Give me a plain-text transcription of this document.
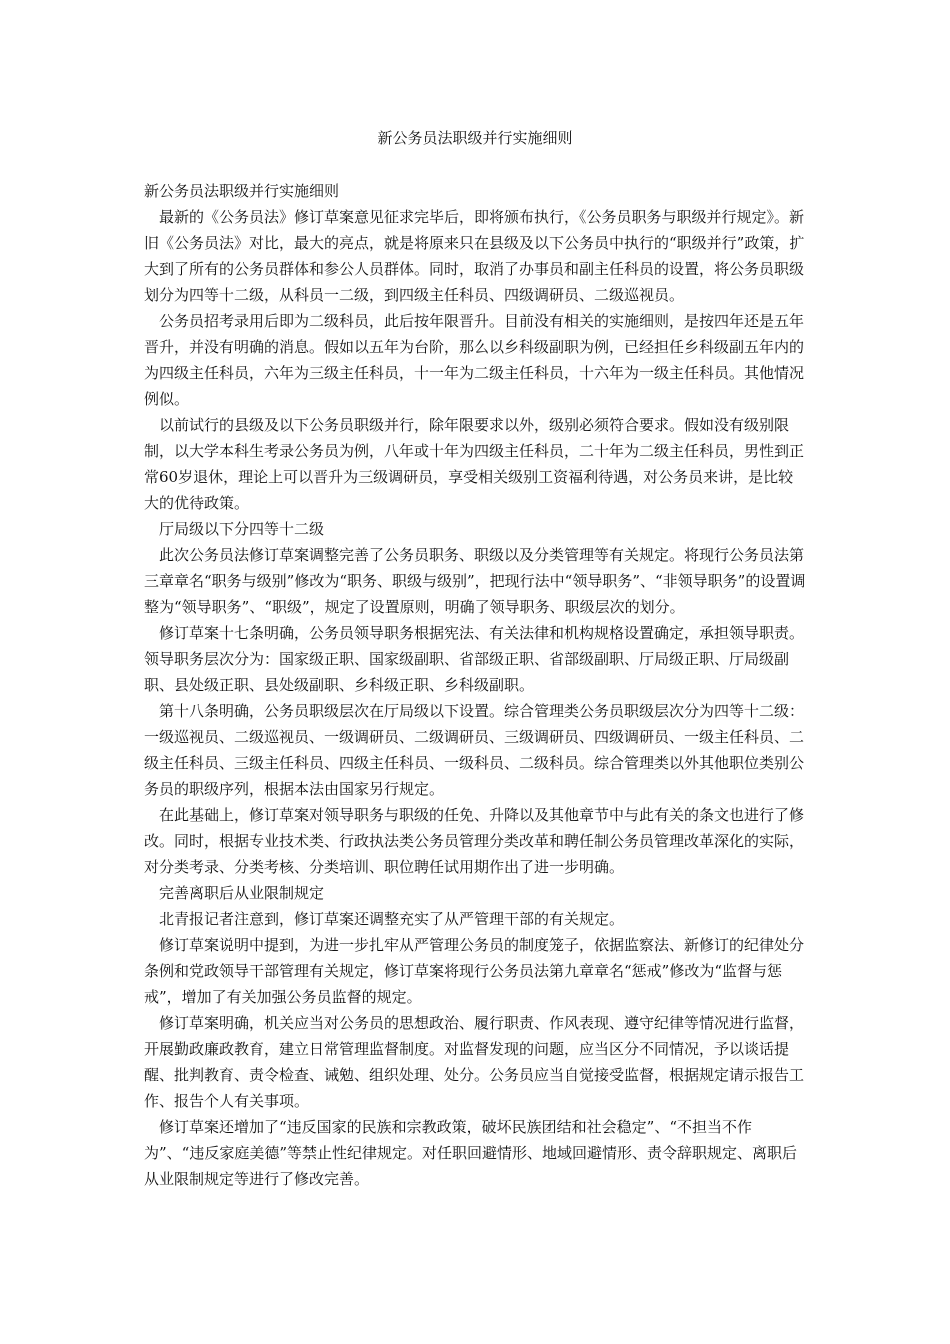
新公务员法职级并行实施细则

新公务员法职级并行实施细则

最新的《公务员法》修订草案意见征求完毕后，即将颁布执行，《公务员职务与职级并行规定》。新旧《公务员法》对比，最大的亮点，就是将原来只在县级及以下公务员中执行的“职级并行”政策，扩大到了所有的公务员群体和参公人员群体。同时，取消了办事员和副主任科员的设置，将公务员职级划分为四等十二级，从科员一二级，到四级主任科员、四级调研员、二级巡视员。

公务员招考录用后即为二级科员，此后按年限晋升。目前没有相关的实施细则，是按四年还是五年晋升，并没有明确的消息。假如以五年为台阶，那么以乡科级副职为例，已经担任乡科级副五年内的为四级主任科员，六年为三级主任科员，十一年为二级主任科员，十六年为一级主任科员。其他情况例似。

以前试行的县级及以下公务员职级并行，除年限要求以外，级别必须符合要求。假如没有级别限制，以大学本科生考录公务员为例，八年或十年为四级主任科员，二十年为二级主任科员，男性到正常60岁退休，理论上可以晋升为三级调研员，享受相关级别工资福利待遇，对公务员来讲，是比较大的优待政策。

厅局级以下分四等十二级

此次公务员法修订草案调整完善了公务员职务、职级以及分类管理等有关规定。将现行公务员法第三章章名“职务与级别”修改为“职务、职级与级别”，把现行法中“领导职务”、“非领导职务”的设置调整为“领导职务”、“职级”，规定了设置原则，明确了领导职务、职级层次的划分。

修订草案十七条明确，公务员领导职务根据宪法、有关法律和机构规格设置确定，承担领导职责。领导职务层次分为：国家级正职、国家级副职、省部级正职、省部级副职、厅局级正职、厅局级副职、县处级正职、县处级副职、乡科级正职、乡科级副职。

第十八条明确，公务员职级层次在厅局级以下设置。综合管理类公务员职级层次分为四等十二级：一级巡视员、二级巡视员、一级调研员、二级调研员、三级调研员、四级调研员、一级主任科员、二级主任科员、三级主任科员、四级主任科员、一级科员、二级科员。综合管理类以外其他职位类别公务员的职级序列，根据本法由国家另行规定。

在此基础上，修订草案对领导职务与职级的任免、升降以及其他章节中与此有关的条文也进行了修改。同时，根据专业技术类、行政执法类公务员管理分类改革和聘任制公务员管理改革深化的实际，对分类考录、分类考核、分类培训、职位聘任试用期作出了进一步明确。

完善离职后从业限制规定

北青报记者注意到，修订草案还调整充实了从严管理干部的有关规定。

修订草案说明中提到，为进一步扎牢从严管理公务员的制度笼子，依据监察法、新修订的纪律处分条例和党政领导干部管理有关规定，修订草案将现行公务员法第九章章名“惩戒”修改为“监督与惩戒”，增加了有关加强公务员监督的规定。

修订草案明确，机关应当对公务员的思想政治、履行职责、作风表现、遵守纪律等情况进行监督，开展勤政廉政教育，建立日常管理监督制度。对监督发现的问题，应当区分不同情况，予以谈话提醒、批判教育、责令检查、诫勉、组织处理、处分。公务员应当自觉接受监督，根据规定请示报告工作、报告个人有关事项。

修订草案还增加了“违反国家的民族和宗教政策，破坏民族团结和社会稳定”、“不担当不作为”、“违反家庭美德”等禁止性纪律规定。对任职回避情形、地域回避情形、责令辞职规定、离职后从业限制规定等进行了修改完善。
